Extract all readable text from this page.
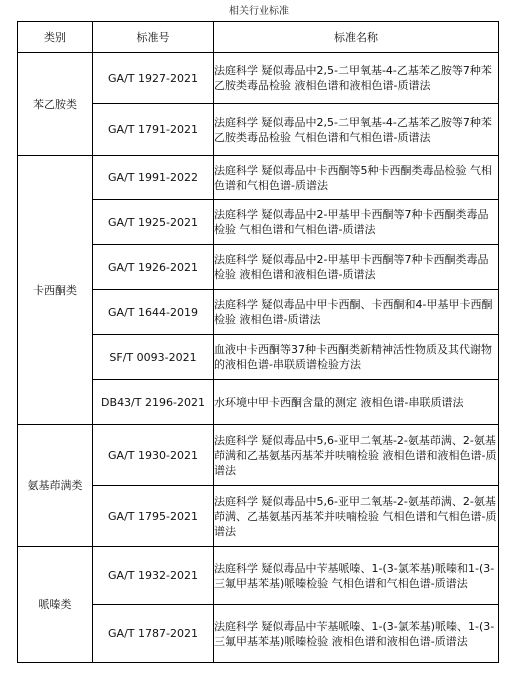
相关行业标准
类别	标准号	标准名称
苯乙胺类	GA/T 1927-2021	法庭科学 疑似毒品中2,5-二甲氧基-4-乙基苯乙胺等7种苯乙胺类毒品检验 液相色谱和液相色谱-质谱法
	GA/T 1791-2021	法庭科学 疑似毒品中2,5-二甲氧基-4-乙基苯乙胺等7种苯乙胺类毒品检验 气相色谱和气相色谱-质谱法
卡西酮类	GA/T 1991-2022	法庭科学 疑似毒品中卡西酮等5种卡西酮类毒品检验 气相色谱和气相色谱-质谱法
	GA/T 1925-2021	法庭科学 疑似毒品中2-甲基甲卡西酮等7种卡西酮类毒品检验 气相色谱和气相色谱-质谱法
	GA/T 1926-2021	法庭科学 疑似毒品中2-甲基甲卡西酮等7种卡西酮类毒品检验 液相色谱和液相色谱-质谱法
	GA/T 1644-2019	法庭科学 疑似毒品中甲卡西酮、卡西酮和4-甲基甲卡西酮检验 液相色谱-质谱法
	SF/T 0093-2021	血液中卡西酮等37种卡西酮类新精神活性物质及其代谢物的液相色谱-串联质谱检验方法
	DB43/T 2196-2021	水环境中甲卡西酮含量的测定 液相色谱-串联质谱法
氨基茚满类	GA/T 1930-2021	法庭科学 疑似毒品中5,6-亚甲二氧基-2-氨基茚满、2-氨基茚满和乙基氨基丙基苯并呋喃检验 液相色谱和液相色谱-质谱法
	GA/T 1795-2021	法庭科学 疑似毒品中5,6-亚甲二氧基-2-氨基茚满、2-氨基茚满、乙基氨基丙基苯并呋喃检验 气相色谱和气相色谱-质谱法
哌嗪类	GA/T 1932-2021	法庭科学 疑似毒品中苄基哌嗪、1-(3-氯苯基)哌嗪和1-(3-三氟甲基苯基)哌嗪检验 气相色谱和气相色谱-质谱法
	GA/T 1787-2021	法庭科学 疑似毒品中苄基哌嗪、1-(3-氯苯基)哌嗪、1-(3-三氟甲基苯基)哌嗪检验 液相色谱和液相色谱-质谱法
